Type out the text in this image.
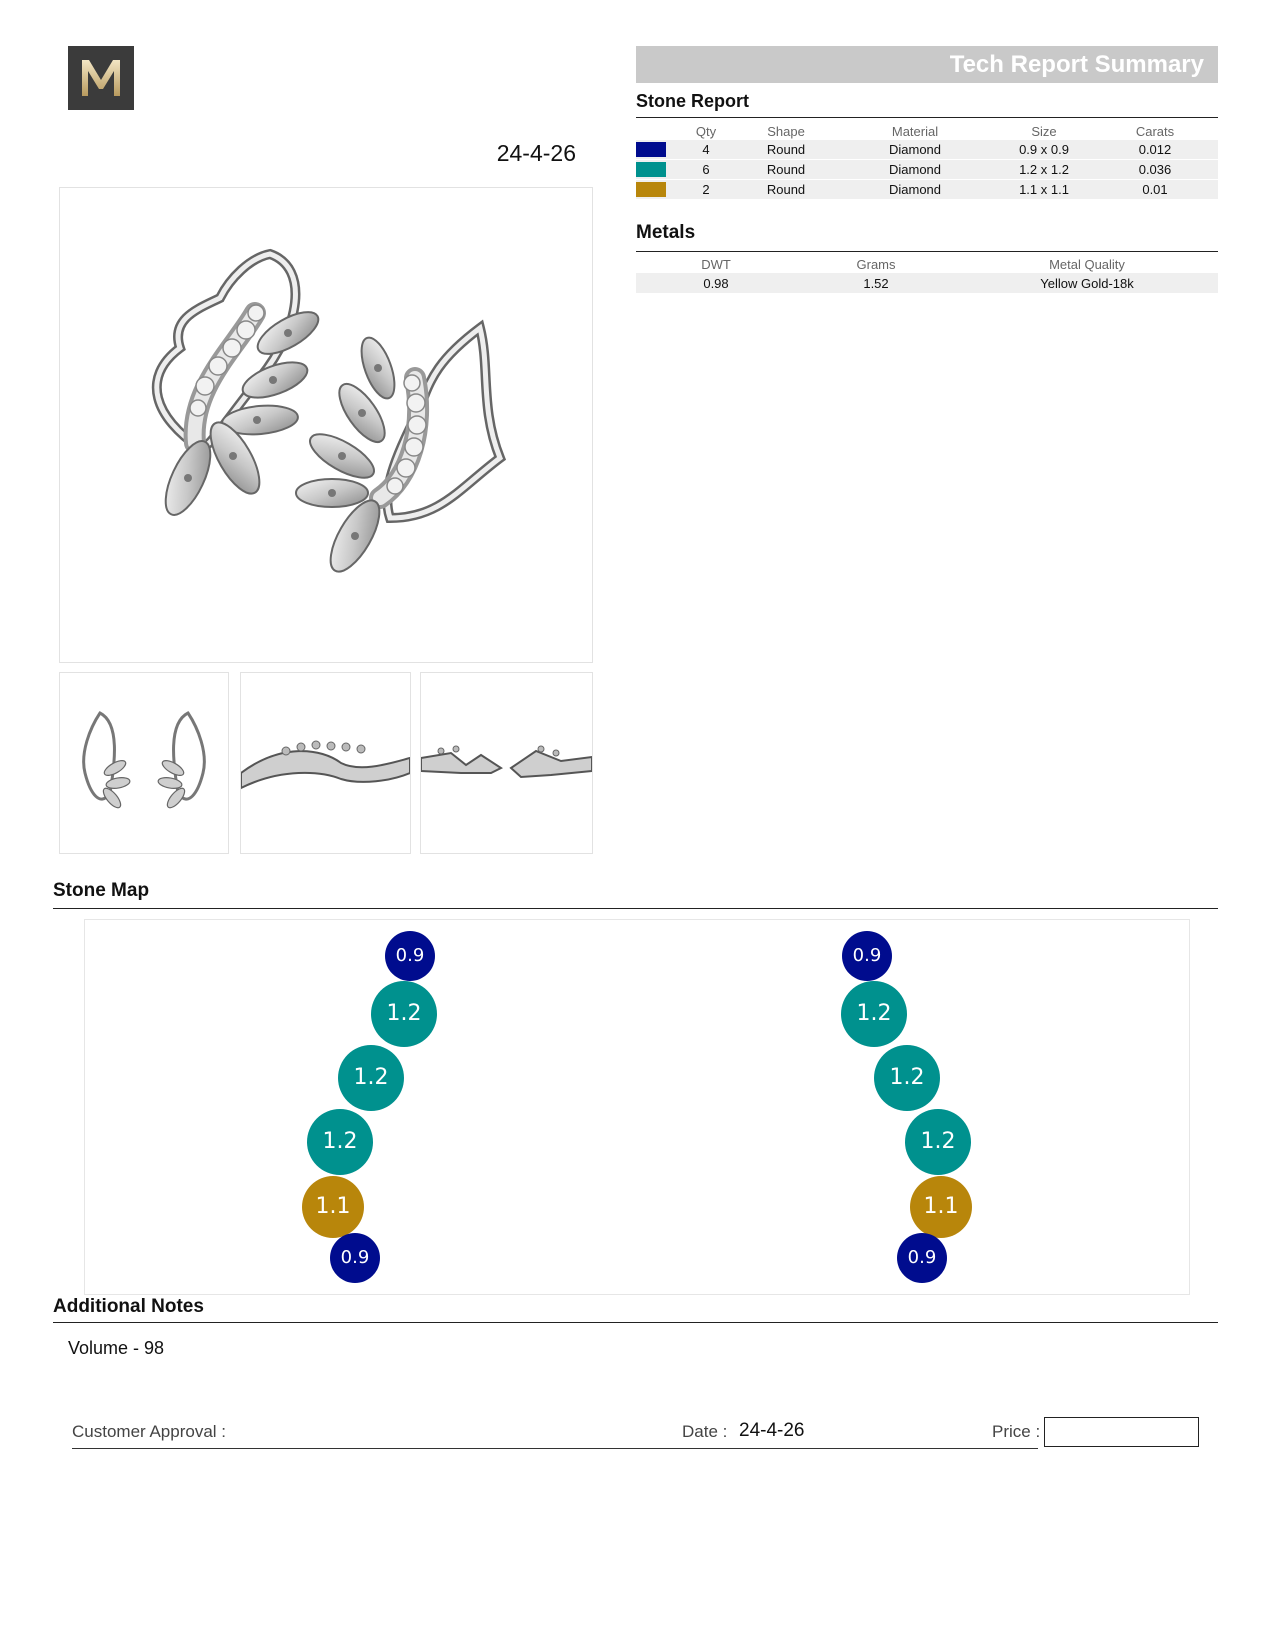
24-4-26
Tech Report Summary
Stone Report
	Qty	Shape	Material	Size	Carats

	4	Round	Diamond	0.9 x 0.9	0.012

	6	Round	Diamond	1.2 x 1.2	0.036

	2	Round	Diamond	1.1 x 1.1	0.01
Metals
DWT	Grams	Metal Quality
0.98	1.52	Yellow Gold-18k
Stone Map
0.9
1.2
1.2
1.2
1.1
0.9
0.9
1.2
1.2
1.2
1.1
0.9
Additional Notes
Volume - 98
Customer Approval :	Date : 24-4-26	Price :
